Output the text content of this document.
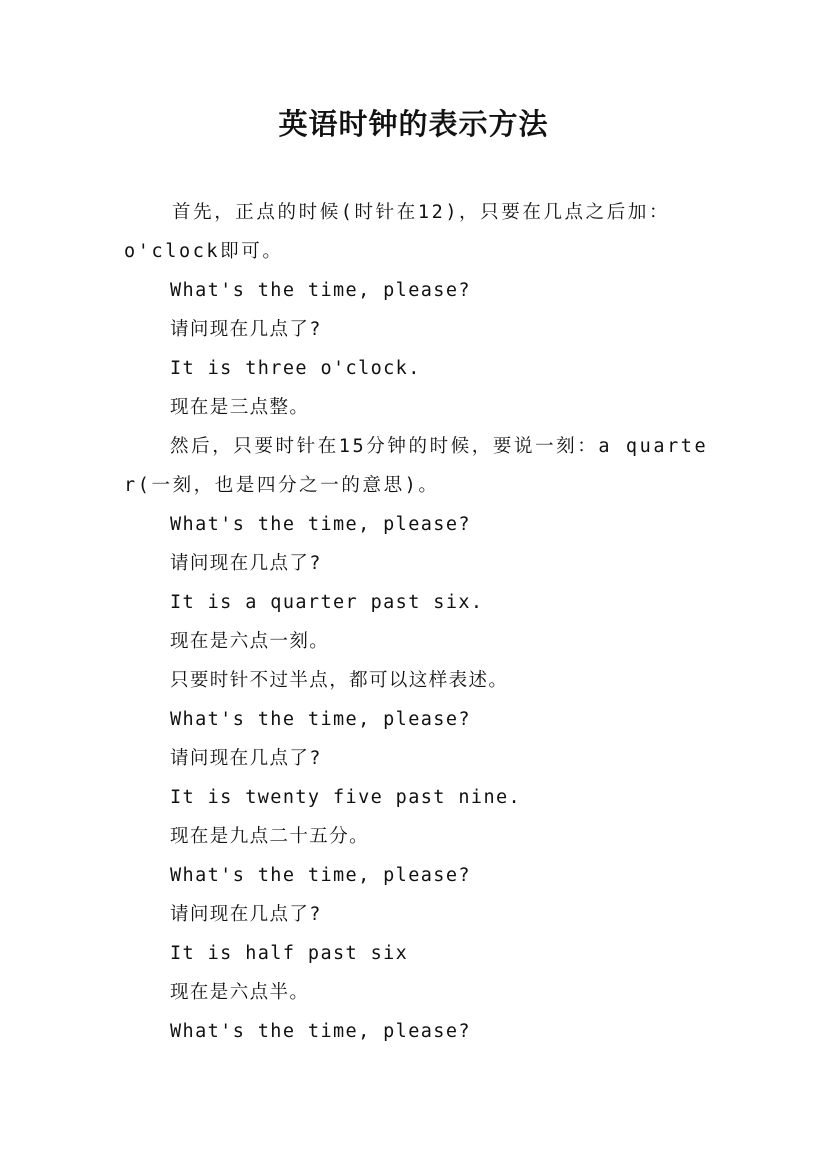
英语时钟的表示方法

首先，正点的时候(时针在12)，只要在几点之后加：o'clock即可。

What's the time, please?

请问现在几点了?

It is three o'clock.

现在是三点整。

然后，只要时针在15分钟的时候，要说一刻：a quarter(一刻，也是四分之一的意思)。

What's the time, please?

请问现在几点了?

It is a quarter past six.

现在是六点一刻。

只要时针不过半点，都可以这样表述。

What's the time, please?

请问现在几点了?

It is twenty five past nine.

现在是九点二十五分。

What's the time, please?

请问现在几点了?

It is half past six

现在是六点半。

What's the time, please?
